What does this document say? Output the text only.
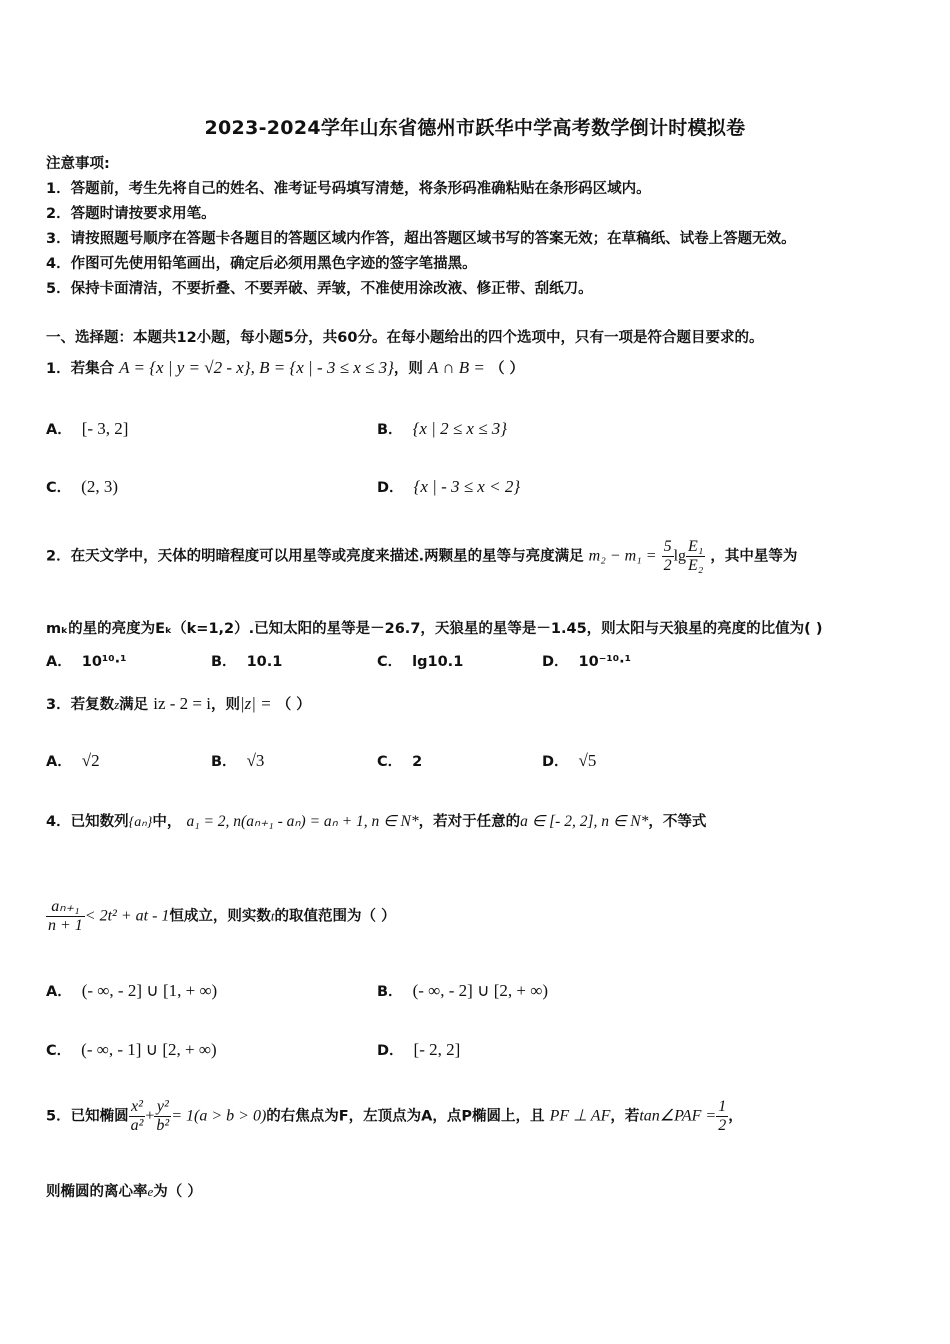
2023-2024学年山东省德州市跃华中学高考数学倒计时模拟卷
注意事项:
1．答题前，考生先将自己的姓名、准考证号码填写清楚，将条形码准确粘贴在条形码区域内。
2．答题时请按要求用笔。
3．请按照题号顺序在答题卡各题目的答题区域内作答，超出答题区域书写的答案无效；在草稿纸、试卷上答题无效。
4．作图可先使用铅笔画出，确定后必须用黑色字迹的签字笔描黑。
5．保持卡面清洁，不要折叠、不要弄破、弄皱，不准使用涂改液、修正带、刮纸刀。
一、选择题：本题共12小题，每小题5分，共60分。在每小题给出的四个选项中，只有一项是符合题目要求的。
1．若集合 A = {x | y = √2 - x}, B = {x | - 3 ≤ x ≤ 3}，则 A ∩ B = （ ）
A． [- 3, 2]	B． {x | 2 ≤ x ≤ 3}
C． (2, 3)	D． {x | - 3 ≤ x < 2}
2．在天文学中，天体的明暗程度可以用星等或亮度来描述.两颗星的星等与亮度满足 $m_2 - m_1 = \frac{5}{2}$ $\lg \frac{\text{E₁}}{\text{E₂}}$ ，其中星等为
mₖ的星的亮度为Eₖ（k=1,2）.已知太阳的星等是－26.7，天狼星的星等是－1.45，则太阳与天狼星的亮度的比值为( )
A． 10¹⁰·¹	B． 10.1	C． lg10.1	D． 10⁻¹⁰·¹
3．若复数z满足 iz - 2 = i，则|z| = （ ）
A． √2	B． √3	C． 2	D． √5
4．已知数列{aₙ}中， a₁ = 2, n(aₙ₊₁ - aₙ) = aₙ + 1, n ∈ N*，若对于任意的a ∈ [- 2, 2], n ∈ N*，不等式
$\frac{\text{aₙ₊₁}}{n + 1} < 2t^2$ + at - 1恒成立，则实数t的取值范围为（ ）
A． (- ∞, - 2] ∪ [1, + ∞)	B． (- ∞, - 2] ∪ [2, + ∞)
C． (- ∞, - 1] ∪ [2, + ∞)	D． [- 2, 2]
5．已知椭圆 $\frac{\text{x²}}{\text{a²}} + \frac{\text{y²}}{\text{b²}} = 1(a > b > 0)$的右焦点为F，左顶点为A，点P椭圆上，且 PF ⊥ AF，若tan∠PAF = $\frac{1}{2}$ ，
则椭圆的离心率e为（ ）
